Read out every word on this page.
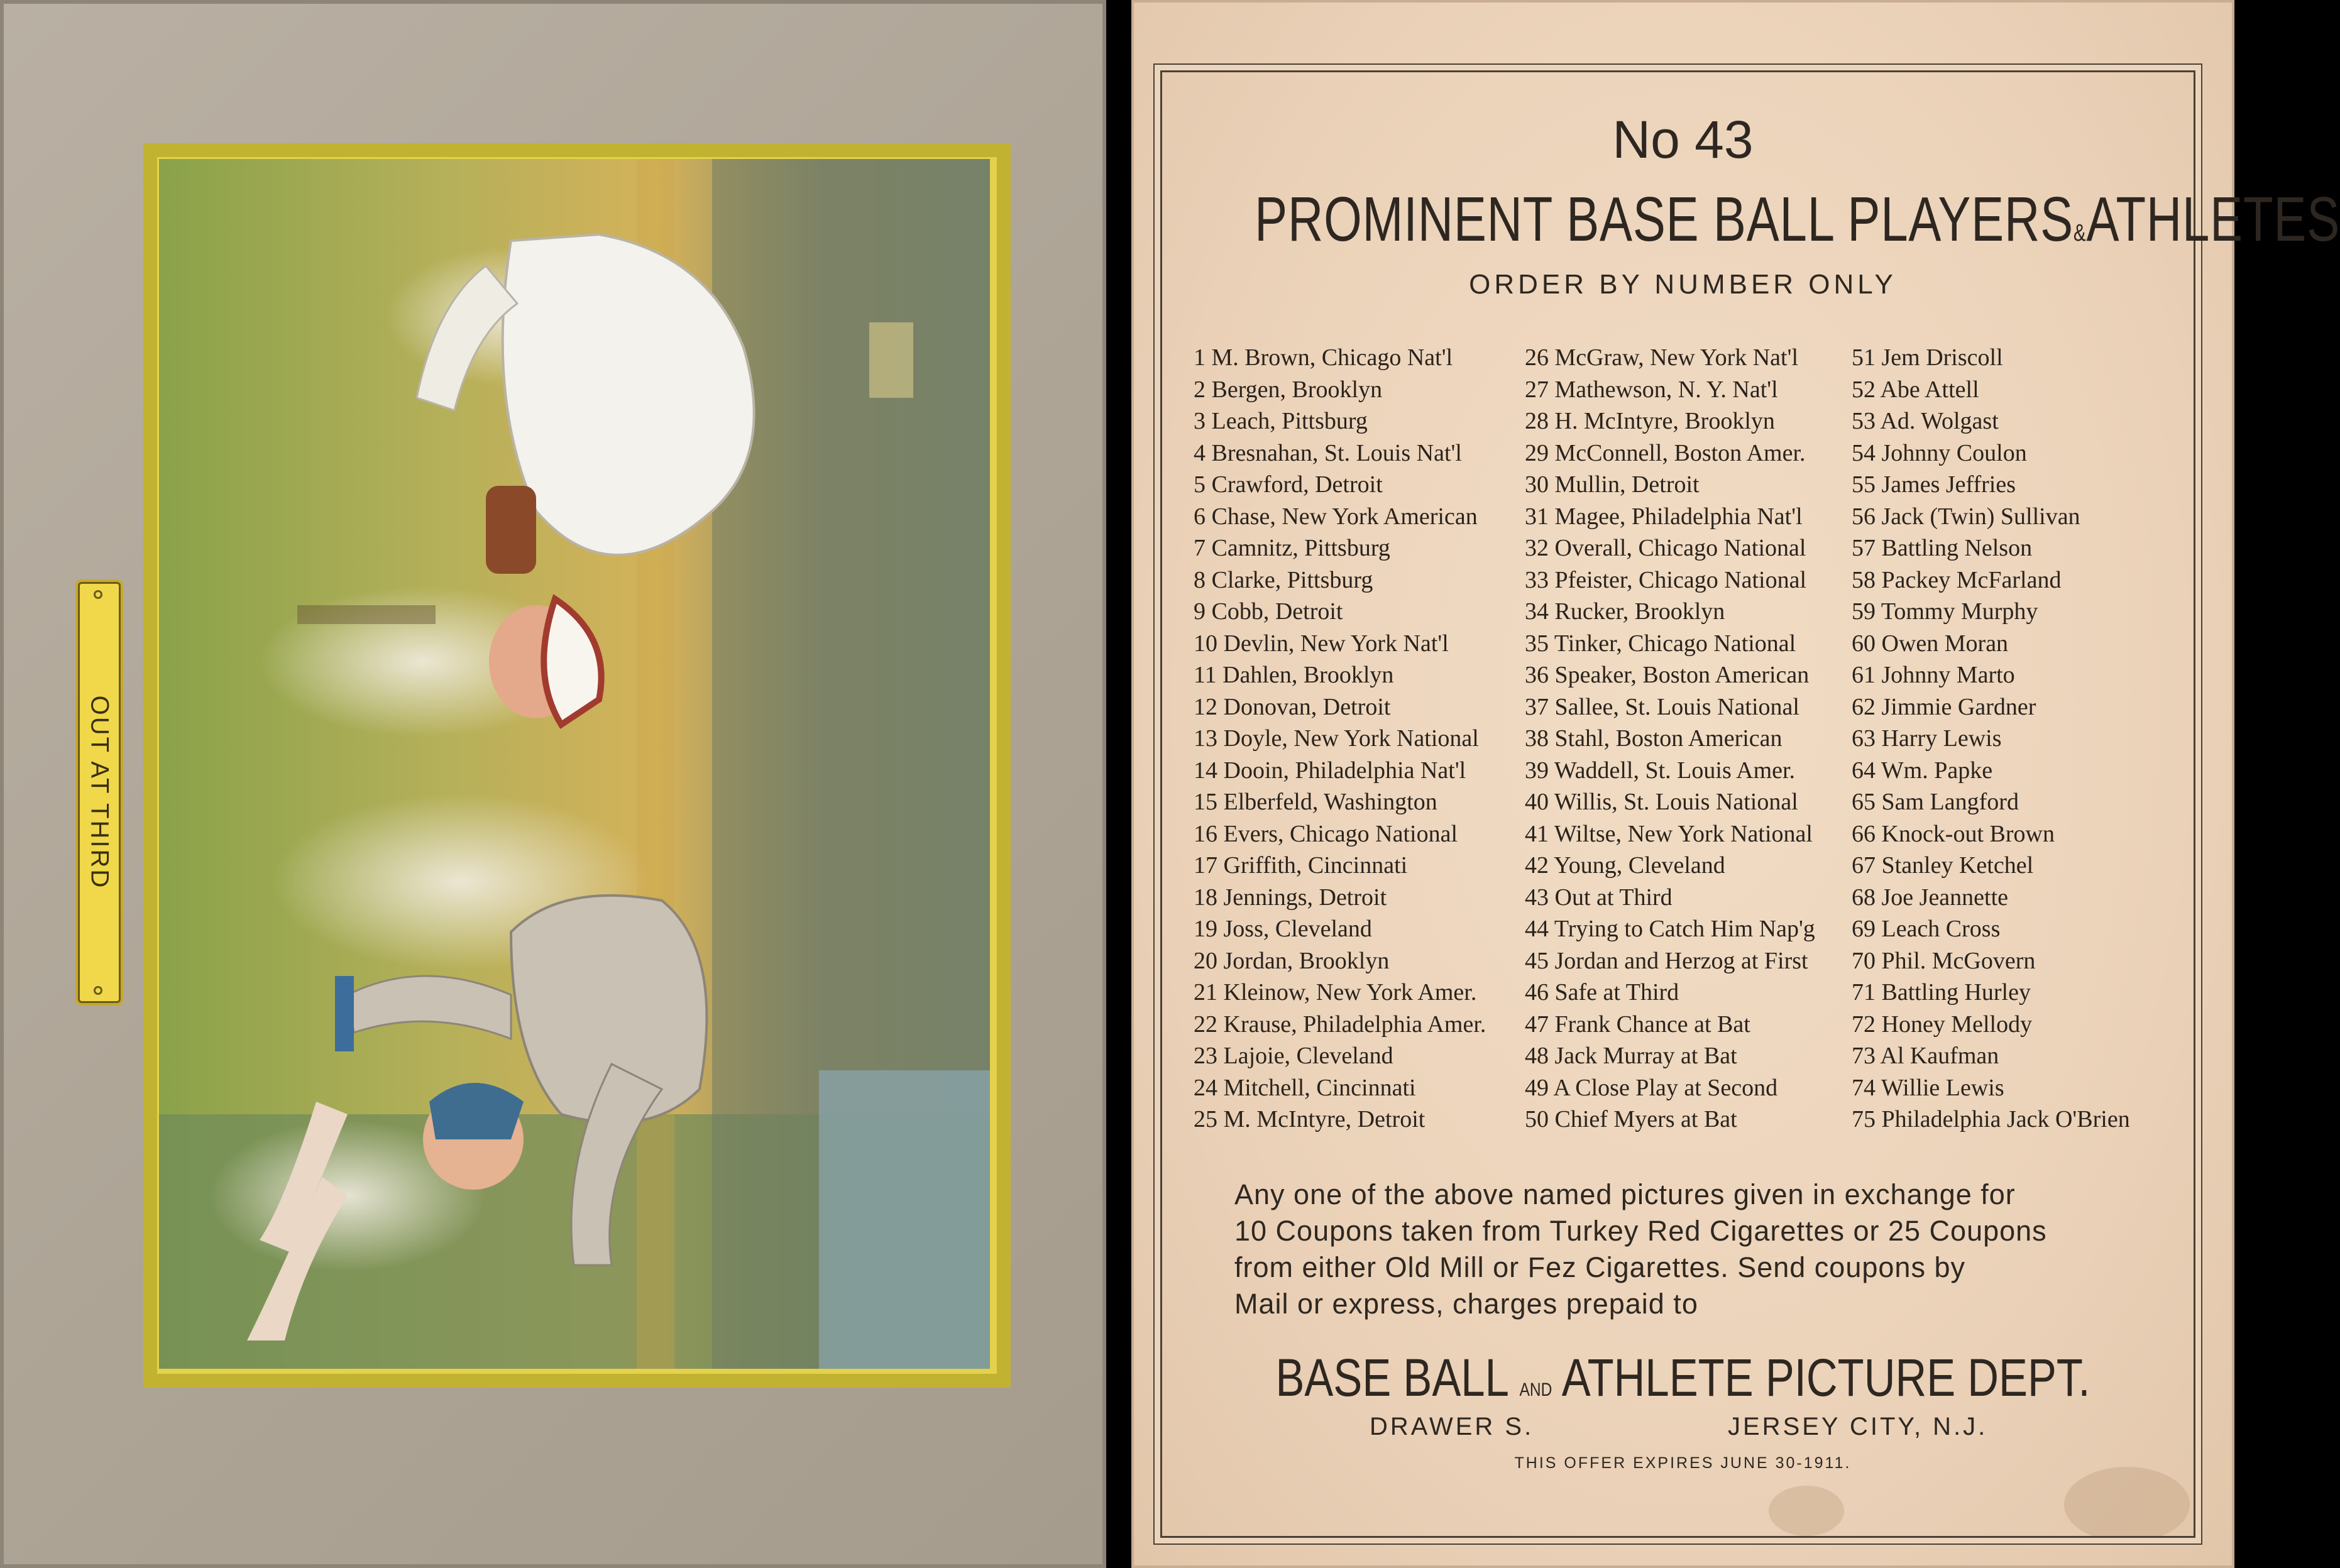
OUT AT THIRD
No 43
PROMINENT BASE BALL PLAYERS&ATHLETES
ORDER BY NUMBER ONLY
1 M. Brown, Chicago Nat'l
2 Bergen, Brooklyn
3 Leach, Pittsburg
4 Bresnahan, St. Louis Nat'l
5 Crawford, Detroit
6 Chase, New York American
7 Camnitz, Pittsburg
8 Clarke, Pittsburg
9 Cobb, Detroit
10 Devlin, New York Nat'l
11 Dahlen, Brooklyn
12 Donovan, Detroit
13 Doyle, New York National
14 Dooin, Philadelphia Nat'l
15 Elberfeld, Washington
16 Evers, Chicago National
17 Griffith, Cincinnati
18 Jennings, Detroit
19 Joss, Cleveland
20 Jordan, Brooklyn
21 Kleinow, New York Amer.
22 Krause, Philadelphia Amer.
23 Lajoie, Cleveland
24 Mitchell, Cincinnati
25 M. McIntyre, Detroit
26 McGraw, New York Nat'l
27 Mathewson, N. Y. Nat'l
28 H. McIntyre, Brooklyn
29 McConnell, Boston Amer.
30 Mullin, Detroit
31 Magee, Philadelphia Nat'l
32 Overall, Chicago National
33 Pfeister, Chicago National
34 Rucker, Brooklyn
35 Tinker, Chicago National
36 Speaker, Boston American
37 Sallee, St. Louis National
38 Stahl, Boston American
39 Waddell, St. Louis Amer.
40 Willis, St. Louis National
41 Wiltse, New York National
42 Young, Cleveland
43 Out at Third
44 Trying to Catch Him Nap'g
45 Jordan and Herzog at First
46 Safe at Third
47 Frank Chance at Bat
48 Jack Murray at Bat
49 A Close Play at Second
50 Chief Myers at Bat
51 Jem Driscoll
52 Abe Attell
53 Ad. Wolgast
54 Johnny Coulon
55 James Jeffries
56 Jack (Twin) Sullivan
57 Battling Nelson
58 Packey McFarland
59 Tommy Murphy
60 Owen Moran
61 Johnny Marto
62 Jimmie Gardner
63 Harry Lewis
64 Wm. Papke
65 Sam Langford
66 Knock-out Brown
67 Stanley Ketchel
68 Joe Jeannette
69 Leach Cross
70 Phil. McGovern
71 Battling Hurley
72 Honey Mellody
73 Al Kaufman
74 Willie Lewis
75 Philadelphia Jack O'Brien
Any one of the above named pictures given in exchange for
10 Coupons taken from Turkey Red Cigarettes or 25 Coupons
from either Old Mill or Fez Cigarettes. Send coupons by
Mail or express, charges prepaid to
BASE BALL AND ATHLETE PICTURE DEPT.
DRAWER S.	JERSEY CITY, N.J.
THIS OFFER EXPIRES JUNE 30-1911.
